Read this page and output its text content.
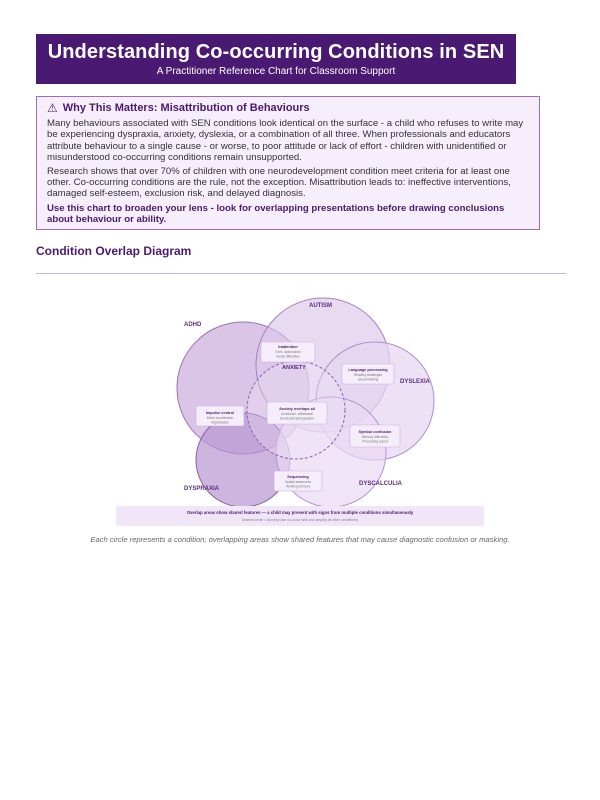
Understanding Co-occurring Conditions in SEN
A Practitioner Reference Chart for Classroom Support
⚠ Why This Matters: Misattribution of Behaviours

Many behaviours associated with SEN conditions look identical on the surface - a child who refuses to write may be experiencing dyspraxia, anxiety, dyslexia, or a combination of all three. When professionals and educators attribute behaviour to a single cause - or worse, to poor attitude or lack of effort - children with unidentified or misunderstood co-occurring conditions remain unsupported.

Research shows that over 70% of children with one neurodevelopment condition meet criteria for at least one other. Co-occurring conditions are the rule, not the exception. Misattribution leads to: ineffective interventions, damaged self-esteem, exclusion risk, and delayed diagnosis.

Use this chart to broaden your lens - look for overlapping presentations before drawing conclusions about behaviour or ability.

Condition Overlap Diagram
ADHD
AUTISM
DYSLEXIA
DYSPRAXIA
DYSCALCULIA
ANXIETY
Inattention
Exec. dysfunction
Social difficulties
Language processing
Reading challenges
Literal thinking
Impulse control
Motor coordination
Organisation
Anxiety overlaps all
Avoidance, withdrawal
Emotional dysregulation
Symbol confusion
Memory difficulties
Processing speed
Sequencing
Spatial awareness
Working memory
Overlap areas show shared features — a child may present with signs from multiple conditions simultaneously
Dashed circle = Anxiety (can co-occur with and amplify all other conditions)
Each circle represents a condition; overlapping areas show shared features that may cause diagnostic confusion or masking.
